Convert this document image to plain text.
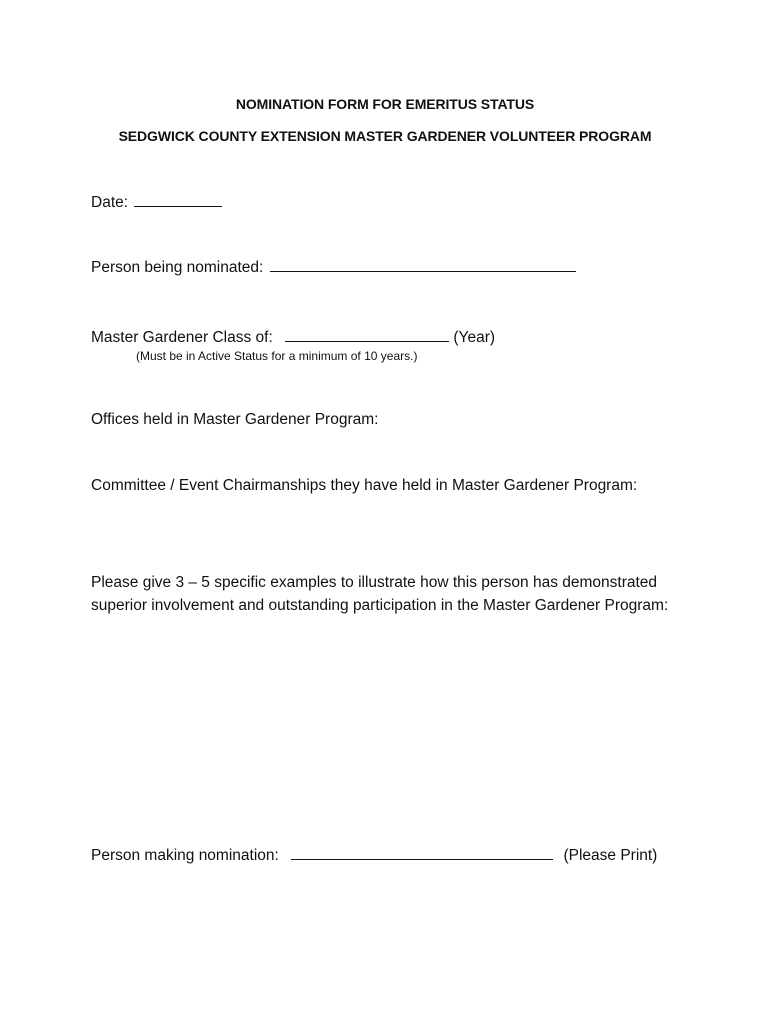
NOMINATION FORM FOR EMERITUS STATUS
SEDGWICK COUNTY EXTENSION MASTER GARDENER VOLUNTEER PROGRAM
Date:
Person being nominated:
Master Gardener Class of:	(Year)
(Must be in Active Status for a minimum of 10 years.)
Offices held in Master Gardener Program:
Committee / Event Chairmanships they have held in Master Gardener Program:
Please give 3 – 5 specific examples to illustrate how this person has demonstrated superior involvement and outstanding participation in the Master Gardener Program:
Person making nomination:	(Please Print)
